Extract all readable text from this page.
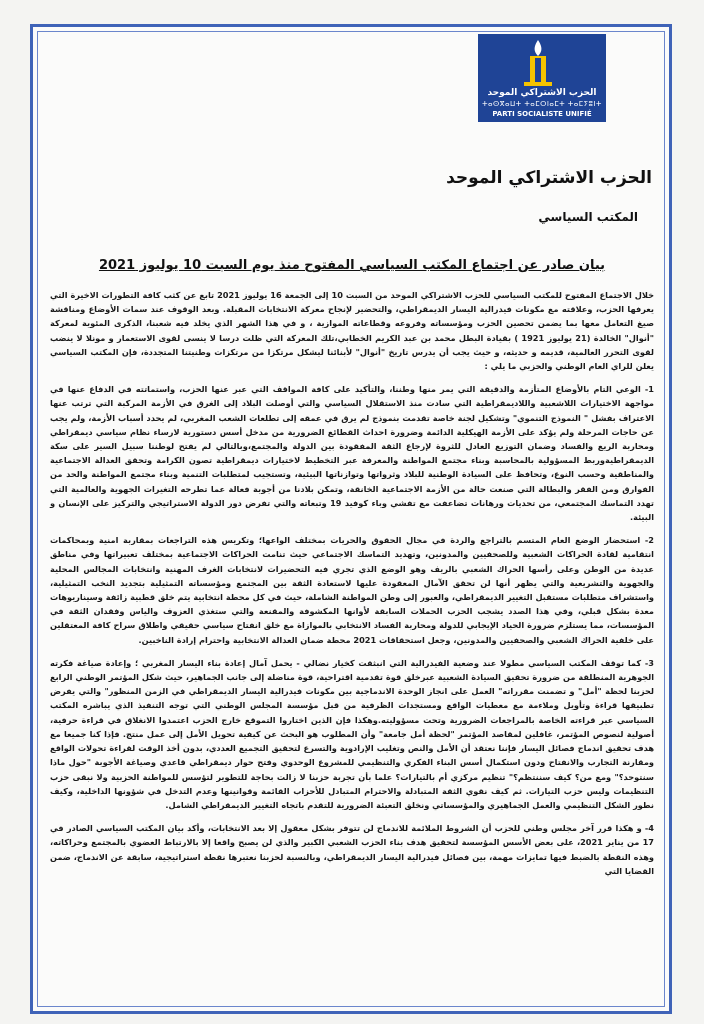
الحزب الاشتراكي الموحد
ⵜⴰⵙⴳⴰⵡⵜ ⵜⴰⵎⵔⵏⴰⵎⵜ ⵜⴰⵎⵢⵓⵏⵜ
PARTI SOCIALISTE UNIFIÉ
الحزب الاشتراكي الموحد
المكتب السياسي
بيان صادر عن اجتماع المكتب السياسي المفتوح منذ يوم السبت 10 يوليوز 2021

خلال الاجتماع المفتوح للمكتب السياسي للحزب الاشتراكي الموحد من السبت 10 إلى الجمعة 16 يوليوز 2021 تابع عن كثب كافة التطورات الاخيرة التي يعرفها الحزب، وعلاقته مع مكونات فيدرالية اليسار الديمقراطي، والتحضير لإنجاح معركة الانتخابات المقبلة. وبعد الوقوف عند سمات الأوضاع ومناقشة صيغ التعامل معها بما يضمن تحصين الحزب ومؤسساته وفروعه وقطاعاته الموازية ، و في هذا الشهر الذي يخلد فيه شعبنا، الذكرى المئوية لمعركة "أنوال" الخالدة (21 يوليوز 1921 ) بقيادة البطل محمد بن عبد الكريم الخطابي،تلك المعركة التي ظلت درسا لا ينسى لقوى الاستعمار و مونلا لا ينضب لقوى التحرر العالمية، قديمه و حديثه، و حيث يجب أن يدرس تاريخ "أنوال" لأبنائنا ليشكل مرتكزا من مرتكزات وطنيتنا المتجددة، فإن المكتب السياسي يعلن للراي العام الوطني والحزبي ما يلي :

1- الوعي التام بالأوضاع المتأزمة والدقيقة التي يمر منها وطننا، والتأكيد على كافة المواقف التي عبر عنها الحزب، واستماتته في الدفاع عنها في مواجهة الاختيارات اللاشعبية واللاديمقراطية التي سادت منذ الاستقلال السياسي والتي أوصلت البلاد إلى الغرق في الأزمة المركبة التي ترتب عنها الاعتراف بفشل " النموذج التنموي" وتشكيل لجنة خاصة تقدمت بنموذج لم يرق في عمقه إلى تطلعات الشعب المغربي، لم يحدد أسباب الأزمة، ولم يجب عن حاجات المرحلة ولم يؤكد على الأزمة الهيكلية الدائمة وضرورة احداث القطائع الضرورية من مدخل أسس دستورية لارساء نظام سياسي ديمقراطي ومحاربة الريع والفساد وضمان التوزيع العادل للثروة لإرجاع الثقة المفقودة بين الدولة والمجتمع،وبالتالي لم يفتح لوطننا سبيل السير على سكة الديمقراطيةوربط المسؤولية بالمحاسبة وبناء مجتمع المواطنة والمعرفة عبر التخطيط لاختيارات ديمقراطية تصون الكرامة وتحقق العدالة الاجتماعية والمناطقية وحسب النوع، وتحافظ على السيادة الوطنية للبلاد وثرواتها وتوازناتها البيئية، وتستجيب لمتطلبات التنمية وبناء مجتمع المواطنة والحد من الفوارق ومن الفقر والبطالة التي صنعت حالة من الأزمة الاجتماعية الخانقة، وتمكن بلادنا من أجوبة فعالة عما تطرحه التغيرات الجهوية والعالمية التي تهدد التماسك المجتمعي، من تحديات ورهانات تضاعفت مع تفشي وباء كوفيد 19 وتبعاته والتي تفرض دور الدولة الاستراتيجي والتركيز على الإنسان و البيئة.

2- استحضار الوضع العام المتسم بالتراجع والردة في مجال الحقوق والحريات بمختلف الواعها؛ وتكريس هذه التراجعات بمقاربة امنية وبمحاكمات انتقامية لقادة الحراكات الشعبية وللصحفيين والمدونين، وتهديد التماسك الاجتماعي حيث تنامت الحراكات الاجتماعية بمختلف تعبيراتها وفي مناطق عديدة من الوطن وعلى رأسها الحراك الشعبي بالريف وهو الوضع الذي تجري فيه التحضيرات لانتخابات الغرف المهنية وانتخابات المجالس المحلية والجهوية والتشريعية والتي يظهر أنها لن تحقق الآمال المعقودة عليها لاستعادة الثقة بين المجتمع ومؤسساته التمثيلية بتجديد النخب التمثيلية، واستشراف متطلبات مستقبل التغيير الديمقراطي، والعبور إلى وطن المواطنة الشاملة، حيث في كل محطة انتخابية يتم خلق قطبية زائفة وسيناريوهات معدة بشكل قبلي، وفي هذا الصدد يشجب الحزب الحملات السابقة لأوانها المكشوفة والمقنعة والتي ستغذي العزوف والياس وفقدان الثقة في المؤسسات، مما يستلزم ضرورة الحياد الإيجابي للدولة ومحاربة الفساد الانتخابي بالموازاة مع خلق انفتاح سياسي حقيقي واطلاق سراح كافة المعتقلين على خلفية الحراك الشعبي والصحفيين والمدونين، وجعل استحقاقات 2021 محطة ضمان العدالة الانتخابية واحترام إرادة الناخبين.

3- كما توقف المكتب السياسي مطولا عند وضعية الفيدرالية التي انبثقت كخيار نضالي - يحمل آمال إعادة بناء اليسار المغربي ؛ وإعادة صياغة فكرته الجوهرية المنطلقة من ضرورة تحقيق السيادة الشعبية عبرخلق قوة تقدمية اقتراحية، قوة مناضلة إلى جانب الجماهير، حيث شكل المؤتمر الوطني الرابع لحزبنا لحظة "أمل" و تضمنت مقرراته" العمل على انجاز الوحدة الاندماجية بين مكونات فيدرالية اليسار الديمقراطي في الزمن المنظور" والتي يفرض تطبيقها قراءة وتأويل وملاءمة مع معطيات الواقع ومستجدات الظرفية من قبل مؤسسة المجلس الوطني التي توجه التنفيذ الذي يباشره المكتب السياسي عبر قراءته الخاصة بالمراجعات الضرورية وتحت مسؤوليته.وهكذا فإن الذين اختاروا التموقع خارج الحزب اعتمدوا الانغلاق في قراءة حرفية، أصولية لنصوص المؤتمر، غافلين لمقاصد المؤتمر "لحظة أمل جامعة" وأن المطلوب هو البحث عن كيفية تحويل الأمل إلى عمل منتج. فإذا كنا جميعا مع هدف تحقيق اندماج فصائل اليسار فإننا نعتقد أن الأمل والنص وتغليب الإرادوية والتسرع لتحقيق التجميع العددي، بدون أخذ الوقت لقراءة تحولات الواقع ومقارنة التجارب والانفتاح ودون استكمال أسس البناء الفكري والتنظيمي للمشروع الوحدوي وفتح حوار ديمقراطي قاعدي وصياغة الأجوبة "حول ماذا سنتوحد؟" ومع من؟ كيف سننتظم؟" تنظيم مركزي أم بالتيارات؟ علما بأن تجربة حزبنا لا زالت بحاجة للتطوير لتؤسس للمواطنة الحزبية ولا نبقى حزب التنظيمات وليس حزب التيارات. ثم كيف نقوي الثقة المتبادلة والاحترام المتبادل للأحزاب القائمة وقوانينها وعدم التدخل في شؤونها الداخلية، وكيف نطور الشكل التنظيمي والعمل الجماهيري والمؤسساتي ونخلق التعبئة الضرورية للتقدم باتجاه التغيير الديمقراطي الشامل.

4- و هكذا قرر آخر مجلس وطني للحزب أن الشروط الملائمة للاندماج لن تتوفر بشكل معقول إلا بعد الانتخابات، وأكد بيان المكتب السياسي الصادر في 17 من يناير 2021، على بعض الأسس المؤسسة لتحقيق هدف بناء الحزب الشعبي الكبير والذي لن يصبح واقعا إلا بالارتباط العضوي بالمجتمع وحراكاته، وهذه النقطة بالضبط فيها تمايزات مهمة، بين فصائل فيدرالية اليسار الديمقراطي، وبالنسبة لحزبنا نعتبرها نقطة استراتيجية، سابقة عن الاندماج، ضمن القضايا التي
